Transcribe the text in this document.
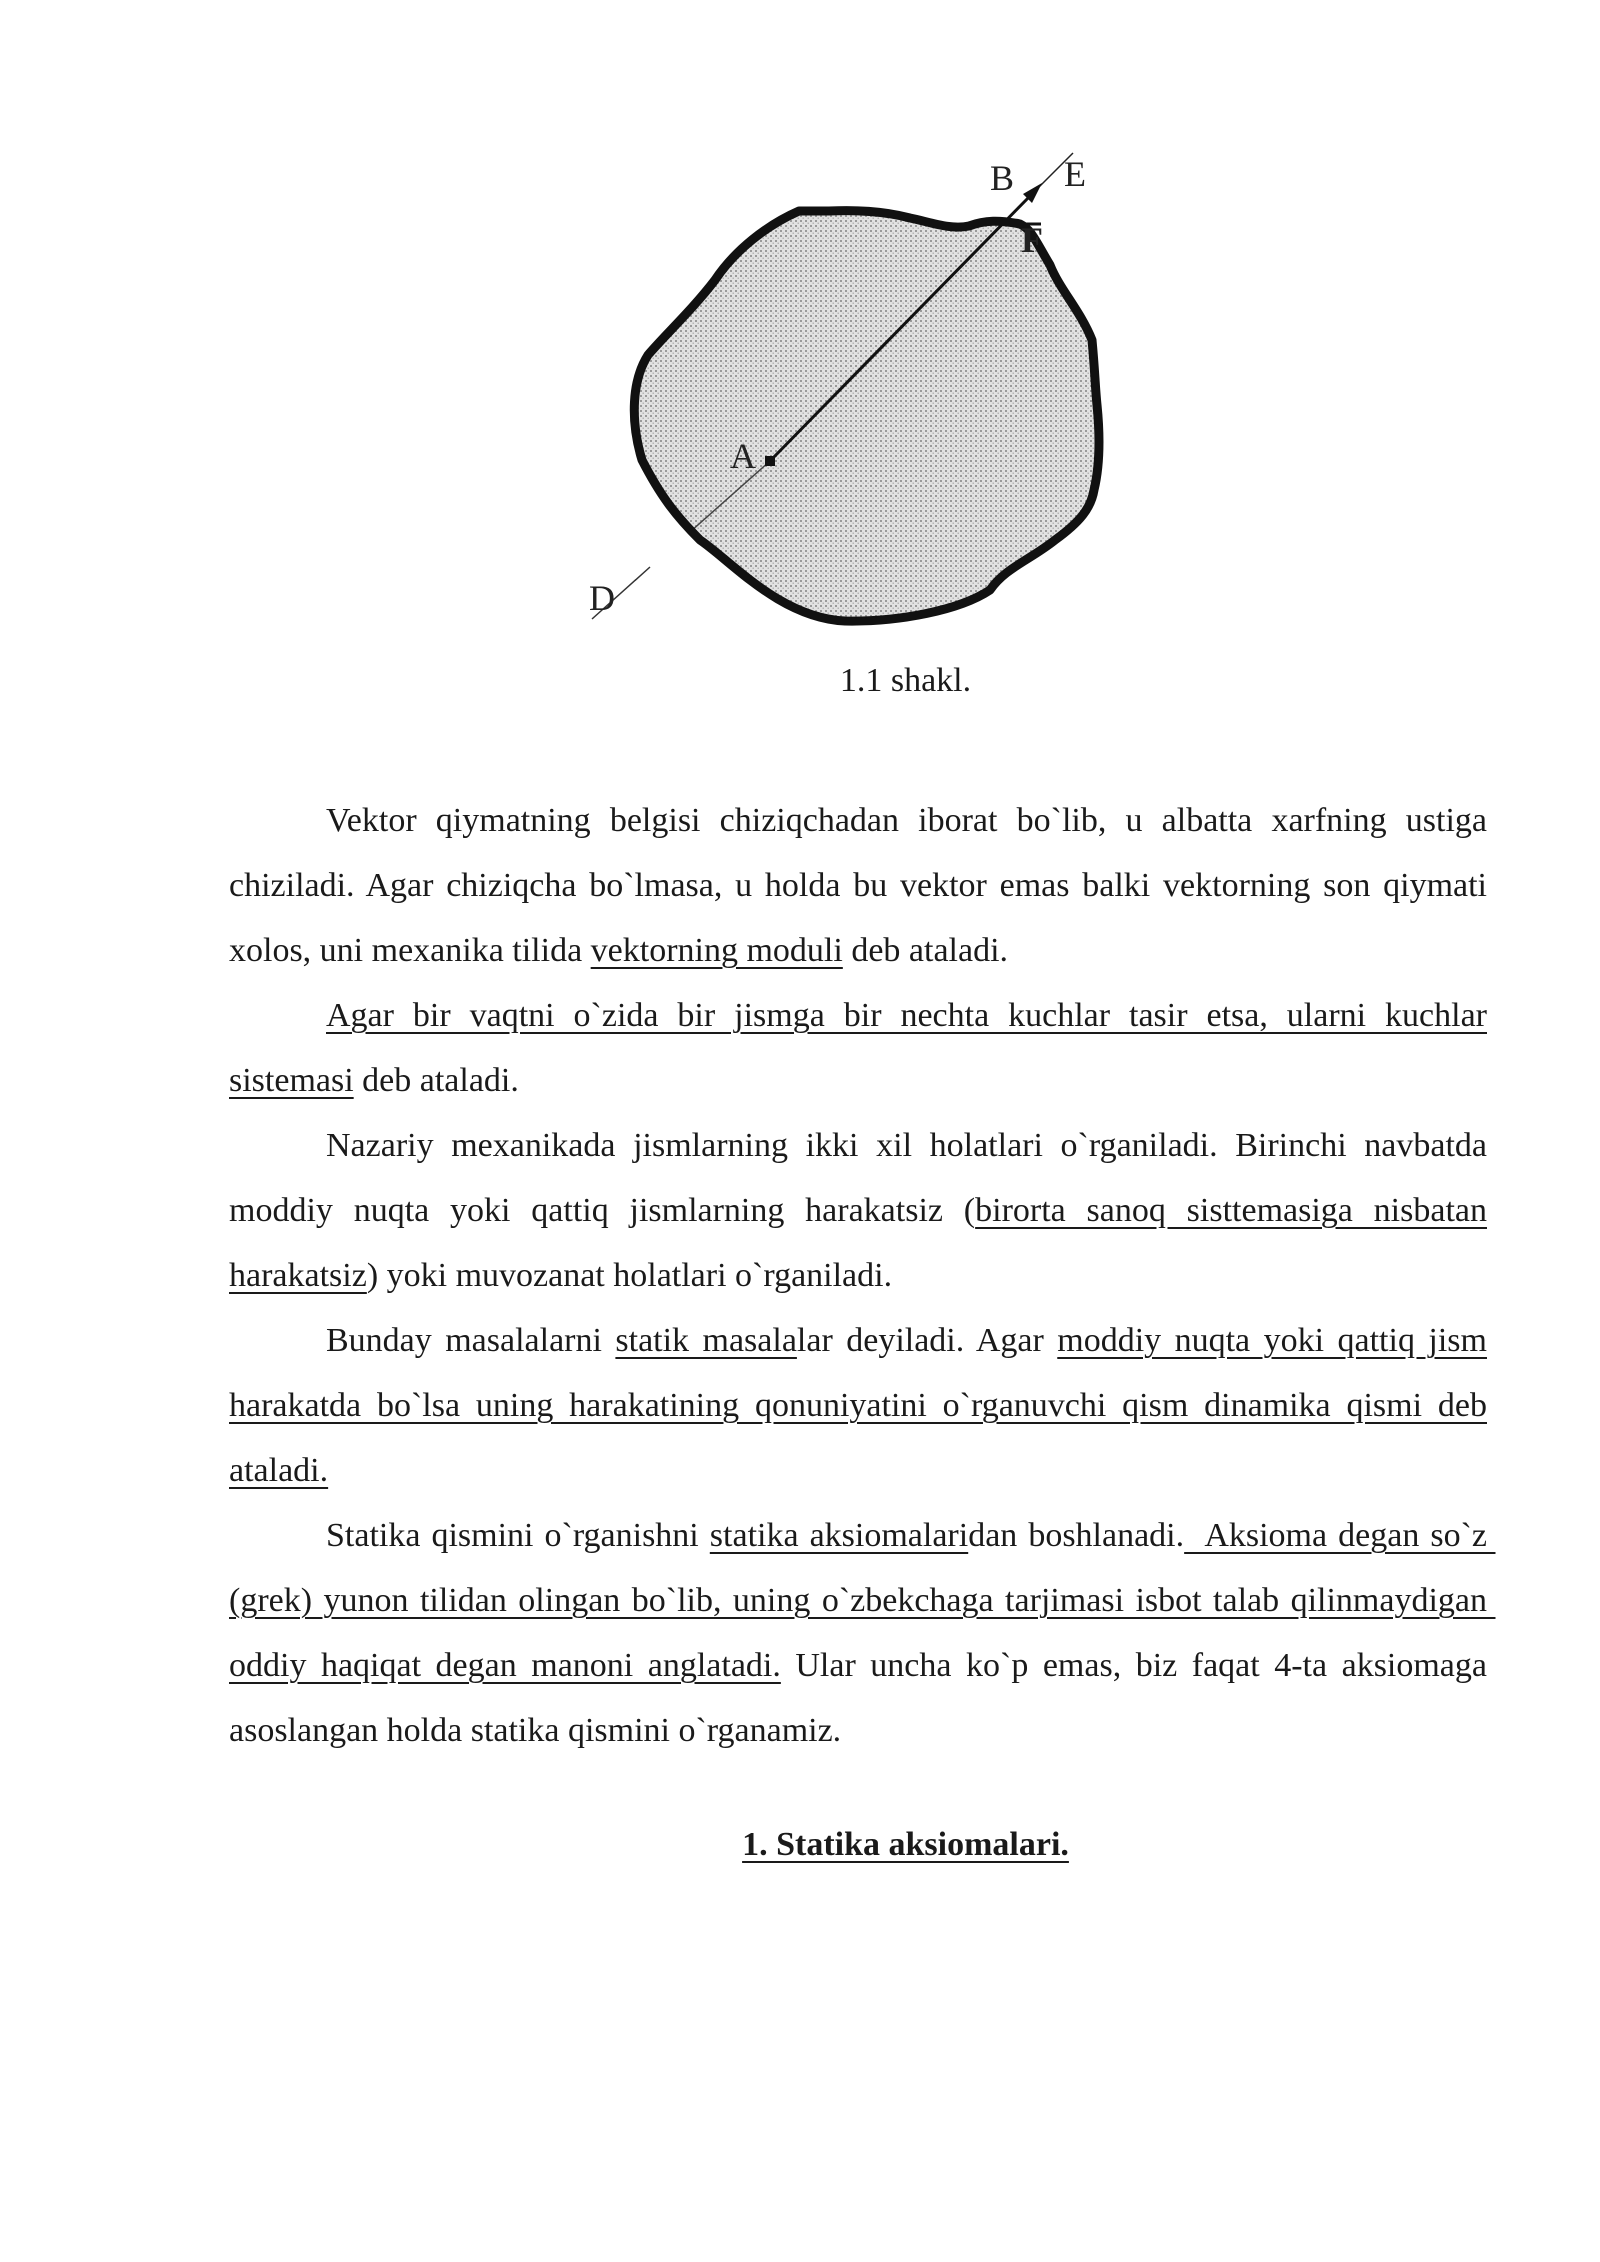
A
B E
F
D
1.1 shakl.

Vektor qiymatning belgisi chiziqchadan iborat bo`lib, u albatta xarfning ustiga chiziladi. Agar chiziqcha bo`lmasa, u holda bu vektor emas balki vektorning son qiymati xolos, uni mexanika tilida vektorning moduli deb ataladi.

Agar bir vaqtni o`zida bir jismga bir nechta kuchlar tasir etsa, ularni kuchlar sistemasi deb ataladi.

Nazariy mexanikada jismlarning ikki xil holatlari o`rganiladi. Birinchi navbatda moddiy nuqta yoki qattiq jismlarning harakatsiz (birorta sanoq sisttemasiga nisbatan harakatsiz) yoki muvozanat holatlari o`rganiladi.

Bunday masalalarni statik masalalar deyiladi. Agar moddiy nuqta yoki qattiq jism harakatda bo`lsa uning harakatining qonuniyatini o`rganuvchi qism dinamika qismi deb ataladi.

Statika qismini o`rganishni statika aksiomalaridan boshlanadi.  Aksioma degan so`z (grek) yunon tilidan olingan bo`lib, uning o`zbekchaga tarjimasi isbot talab qilinmaydigan oddiy haqiqat degan manoni anglatadi. Ular uncha ko`p emas, biz faqat 4-ta aksiomaga asoslangan holda statika qismini o`rganamiz.

1. Statika aksiomalari.
